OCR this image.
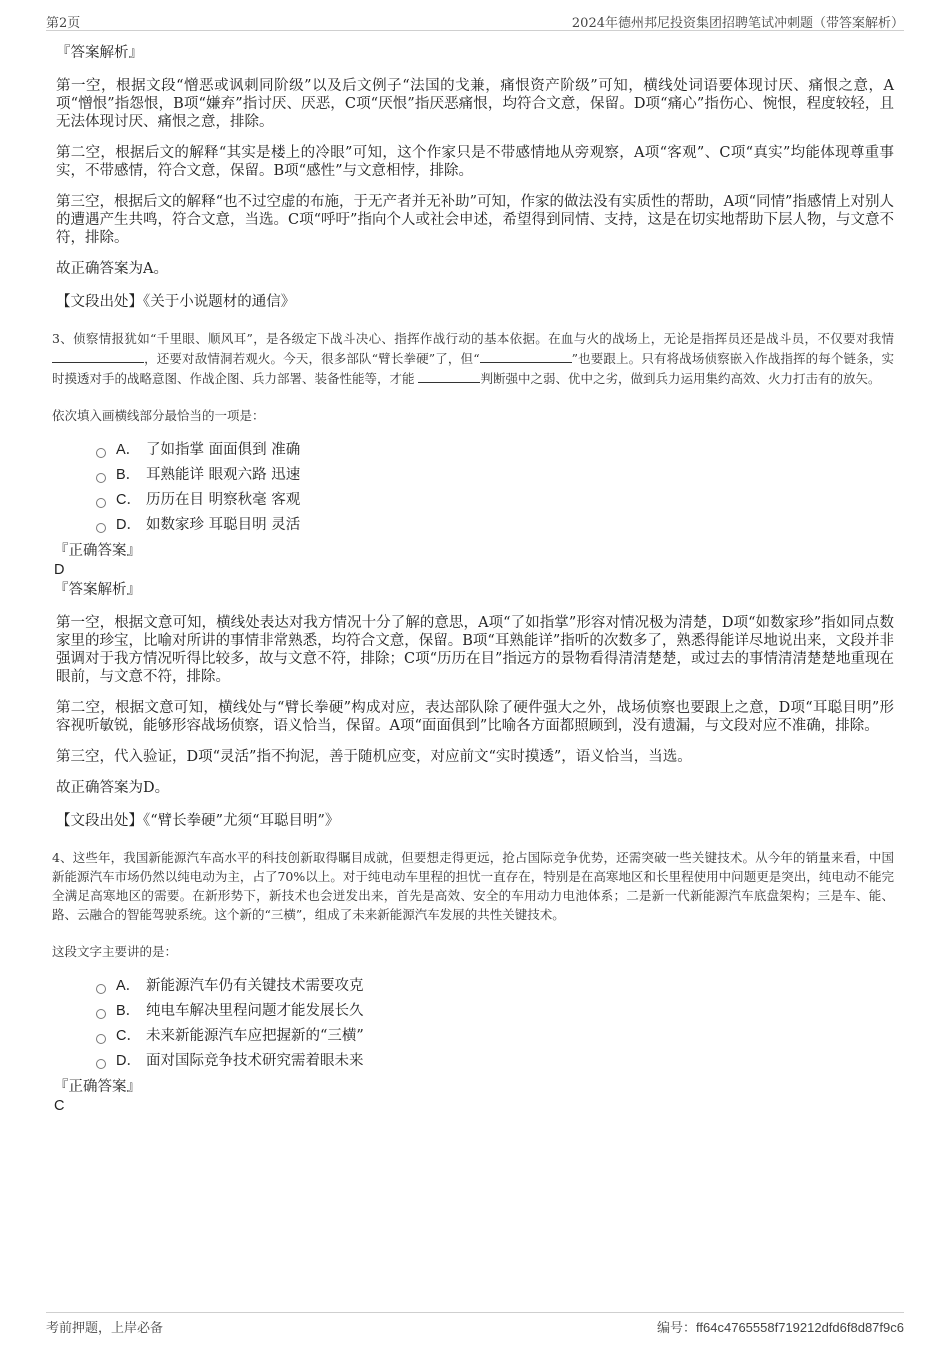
第2页	2024年德州邦尼投资集团招聘笔试冲刺题（带答案解析）
『答案解析』

第一空，根据文段“憎恶或讽刺同阶级”以及后文例子“法国的戈兼，痛恨资产阶级”可知，横线处词语要体现讨厌、痛恨之意，A项“憎恨”指怨恨，B项“嫌弃”指讨厌、厌恶，C项“厌恨”指厌恶痛恨，均符合文意，保留。D项“痛心”指伤心、惋恨，程度较轻，且无法体现讨厌、痛恨之意，排除。

第二空，根据后文的解释“其实是楼上的冷眼”可知，这个作家只是不带感情地从旁观察，A项“客观”、C项“真实”均能体现尊重事实，不带感情，符合文意，保留。B项“感性”与文意相悖，排除。

第三空，根据后文的解释“也不过空虚的布施，于无产者并无补助”可知，作家的做法没有实质性的帮助，A项“同情”指感情上对别人的遭遇产生共鸣，符合文意，当选。C项“呼吁”指向个人或社会申述，希望得到同情、支持，这是在切实地帮助下层人物，与文意不符，排除。

故正确答案为A。

【文段出处】《关于小说题材的通信》

3、侦察情报犹如“千里眼、顺风耳”，是各级定下战斗决心、指挥作战行动的基本依据。在血与火的战场上，无论是指挥员还是战斗员，不仅要对我情 ，还要对敌情洞若观火。今天，很多部队“臂长拳硬”了，但“	”也要跟上。只有将战场侦察嵌入作战指挥的每个链条，实时摸透对手的战略意图、作战企图、兵力部署、装备性能等，才能	判断强中之弱、优中之劣，做到兵力运用集约高效、火力打击有的放矢。

依次填入画横线部分最恰当的一项是：
A． 了如指掌 面面俱到 准确
B． 耳熟能详 眼观六路 迅速
C． 历历在目 明察秋毫 客观
D． 如数家珍 耳聪目明 灵活
『正确答案』
D
『答案解析』

第一空，根据文意可知，横线处表达对我方情况十分了解的意思，A项“了如指掌”形容对情况极为清楚，D项“如数家珍”指如同点数家里的珍宝，比喻对所讲的事情非常熟悉，均符合文意，保留。B项“耳熟能详”指听的次数多了，熟悉得能详尽地说出来，文段并非强调对于我方情况听得比较多，故与文意不符，排除；C项“历历在目”指远方的景物看得清清楚楚，或过去的事情清清楚楚地重现在眼前，与文意不符，排除。

第二空，根据文意可知，横线处与“臂长拳硬”构成对应，表达部队除了硬件强大之外，战场侦察也要跟上之意，D项“耳聪目明”形容视听敏锐，能够形容战场侦察，语义恰当，保留。A项“面面俱到”比喻各方面都照顾到，没有遗漏，与文段对应不准确，排除。

第三空，代入验证，D项“灵活”指不拘泥，善于随机应变，对应前文“实时摸透”，语义恰当，当选。

故正确答案为D。

【文段出处】《“臂长拳硬”尤须“耳聪目明”》

4、这些年，我国新能源汽车高水平的科技创新取得瞩目成就，但要想走得更远，抢占国际竞争优势，还需突破一些关键技术。从今年的销量来看，中国新能源汽车市场仍然以纯电动为主，占了70%以上。对于纯电动车里程的担忧一直存在，特别是在高寒地区和长里程使用中问题更是突出，纯电动不能完全满足高寒地区的需要。在新形势下，新技术也会迸发出来，首先是高效、安全的车用动力电池体系；二是新一代新能源汽车底盘架构；三是车、能、路、云融合的智能驾驶系统。这个新的“三横”，组成了未来新能源汽车发展的共性关键技术。

这段文字主要讲的是：
A． 新能源汽车仍有关键技术需要攻克
B． 纯电车解决里程问题才能发展长久
C． 未来新能源汽车应把握新的“三横”
D． 面对国际竞争技术研究需着眼未来
『正确答案』
C
考前押题，上岸必备	编号：ff64c4765558f719212dfd6f8d87f9c6
